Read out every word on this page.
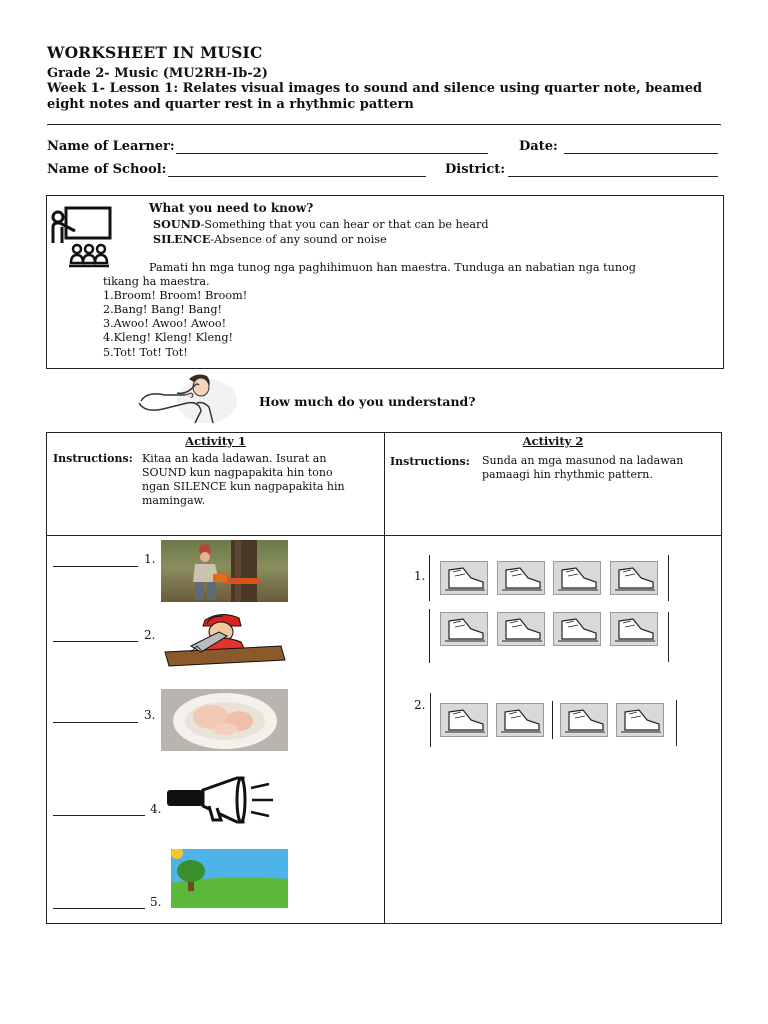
WORKSHEET IN MUSIC
Grade 2- Music (MU2RH-Ib-2)
Week 1- Lesson 1: Relates visual images to sound and silence using quarter note, beamed
eight notes and quarter rest in a rhythmic pattern
Name of Learner:	Date:
Name of School:	District:
What you need to know?
SOUND-Something that you can hear or that can be heard
SILENCE-Absence of any sound or noise
Pamati hn mga tunog nga paghihimuon han maestra. Tunduga an nabatian nga tunog
tikang ha maestra.
1.Broom! Broom! Broom!
2.Bang! Bang! Bang!
3.Awoo! Awoo! Awoo!
4.Kleng! Kleng! Kleng!
5.Tot! Tot! Tot!
How much do you understand?
Activity 1
Instructions: Kitaa an kada ladawan. Isurat an
SOUND kun nagpapakita hin tono
ngan SILENCE kun nagpapakita hin
mamingaw.
Activity 2
Instructions: Sunda an mga masunod na ladawan
pamaagi hin rhythmic pattern.
1.
2.
3.
4.
5.
1.
2.
